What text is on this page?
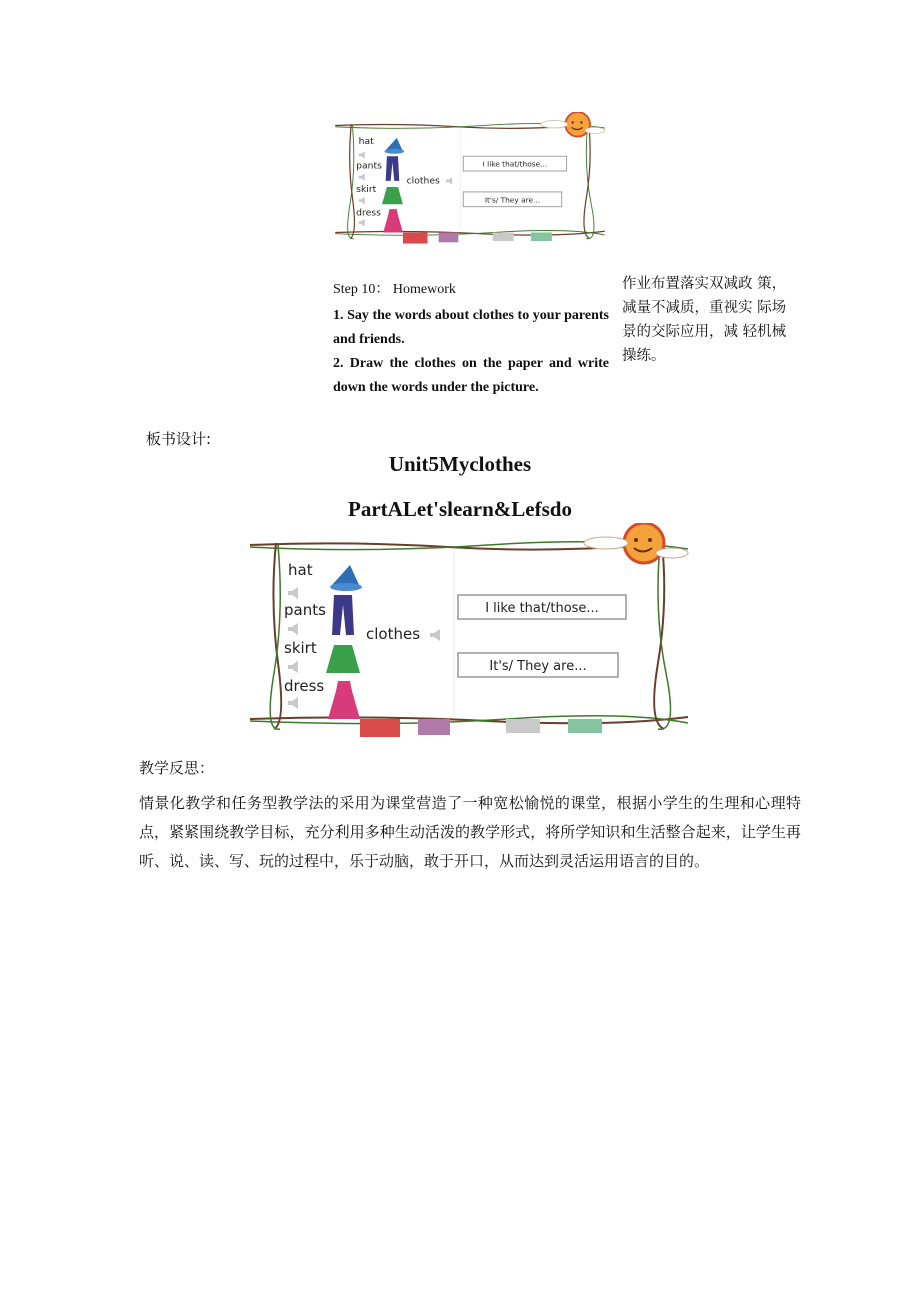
hat
pants
skirt
dress
clothes
I like that/those...
It's/ They are...

Step 10： Homework

1. Say the words about clothes to your parents and friends.

2. Draw the clothes on the paper and write down the words under the picture.

作业布置落实双减政 策，减量不减质，重视实 际场景的交际应用，减 轻机械操练。
板书设计:
Unit5Myclothes
PartALet'slearn&Lefsdo
hat
pants
skirt
dress
clothes
I like that/those...
It's/ They are...
教学反思：
情景化教学和任务型教学法的采用为课堂营造了一种宽松愉悦的课堂，根据小学生的生理和心理特点，紧紧围绕教学目标，充分利用多种生动活泼的教学形式，将所学知识和生活整合起来，让学生再听、说、读、写、玩的过程中，乐于动脑，敢于开口，从而达到灵活运用语言的目的。
